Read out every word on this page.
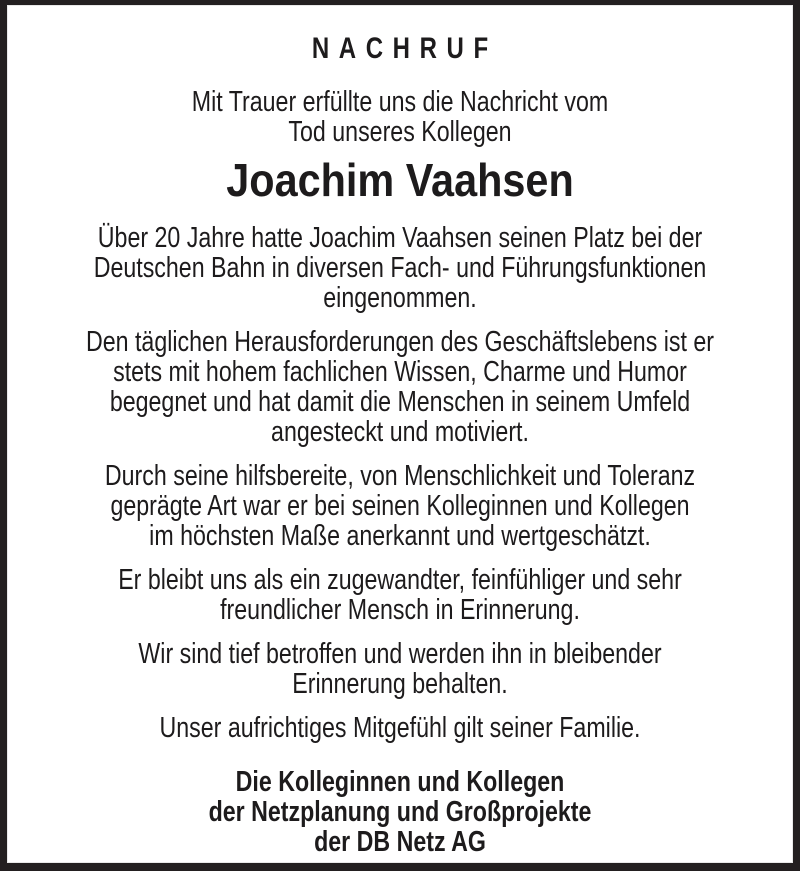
NACHRUF
Mit Trauer erfüllte uns die Nachricht vom
Tod unseres Kollegen
Joachim Vaahsen
Über 20 Jahre hatte Joachim Vaahsen seinen Platz bei der
Deutschen Bahn in diversen Fach- und Führungsfunktionen
eingenommen.
Den täglichen Herausforderungen des Geschäftslebens ist er
stets mit hohem fachlichen Wissen, Charme und Humor
begegnet und hat damit die Menschen in seinem Umfeld
angesteckt und motiviert.
Durch seine hilfsbereite, von Menschlichkeit und Toleranz
geprägte Art war er bei seinen Kolleginnen und Kollegen
im höchsten Maße anerkannt und wertgeschätzt.
Er bleibt uns als ein zugewandter, feinfühliger und sehr
freundlicher Mensch in Erinnerung.
Wir sind tief betroffen und werden ihn in bleibender
Erinnerung behalten.
Unser aufrichtiges Mitgefühl gilt seiner Familie.
Die Kolleginnen und Kollegen
der Netzplanung und Großprojekte
der DB Netz AG
